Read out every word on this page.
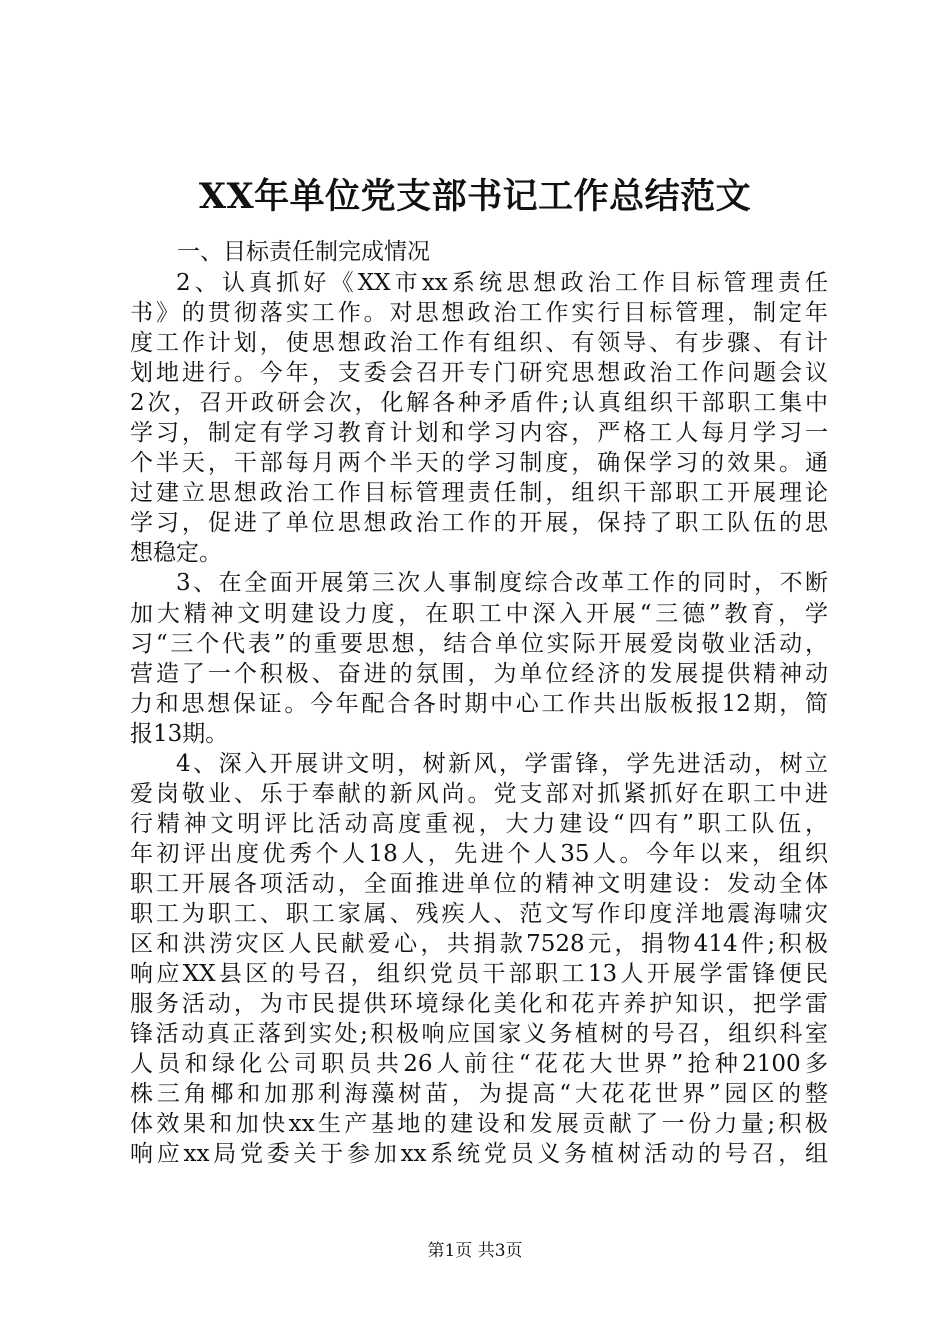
XX年单位党支部书记工作总结范文
一、目标责任制完成情况
2、认真抓好《XX市xx系统思想政治工作目标管理责任
书》的贯彻落实工作。对思想政治工作实行目标管理，制定年
度工作计划，使思想政治工作有组织、有领导、有步骤、有计
划地进行。今年，支委会召开专门研究思想政治工作问题会议
2次，召开政研会次，化解各种矛盾件;认真组织干部职工集中
学习，制定有学习教育计划和学习内容，严格工人每月学习一
个半天，干部每月两个半天的学习制度，确保学习的效果。通
过建立思想政治工作目标管理责任制，组织干部职工开展理论
学习，促进了单位思想政治工作的开展，保持了职工队伍的思
想稳定。
3、在全面开展第三次人事制度综合改革工作的同时，不断
加大精神文明建设力度，在职工中深入开展“三德”教育，学
习“三个代表”的重要思想，结合单位实际开展爱岗敬业活动，
营造了一个积极、奋进的氛围，为单位经济的发展提供精神动
力和思想保证。今年配合各时期中心工作共出版板报12期，简
报13期。
4、深入开展讲文明，树新风，学雷锋，学先进活动，树立
爱岗敬业、乐于奉献的新风尚。党支部对抓紧抓好在职工中进
行精神文明评比活动高度重视，大力建设“四有”职工队伍，
年初评出度优秀个人18人，先进个人35人。今年以来，组织
职工开展各项活动，全面推进单位的精神文明建设：发动全体
职工为职工、职工家属、残疾人、范文写作印度洋地震海啸灾
区和洪涝灾区人民献爱心，共捐款7528元，捐物414件;积极
响应XX县区的号召，组织党员干部职工13人开展学雷锋便民
服务活动，为市民提供环境绿化美化和花卉养护知识，把学雷
锋活动真正落到实处;积极响应国家义务植树的号召，组织科室
人员和绿化公司职员共26人前往“花花大世界”抢种2100多
株三角椰和加那利海藻树苗，为提高“大花花世界”园区的整
体效果和加快xx生产基地的建设和发展贡献了一份力量;积极
响应xx局党委关于参加xx系统党员义务植树活动的号召，组
第1页 共3页
